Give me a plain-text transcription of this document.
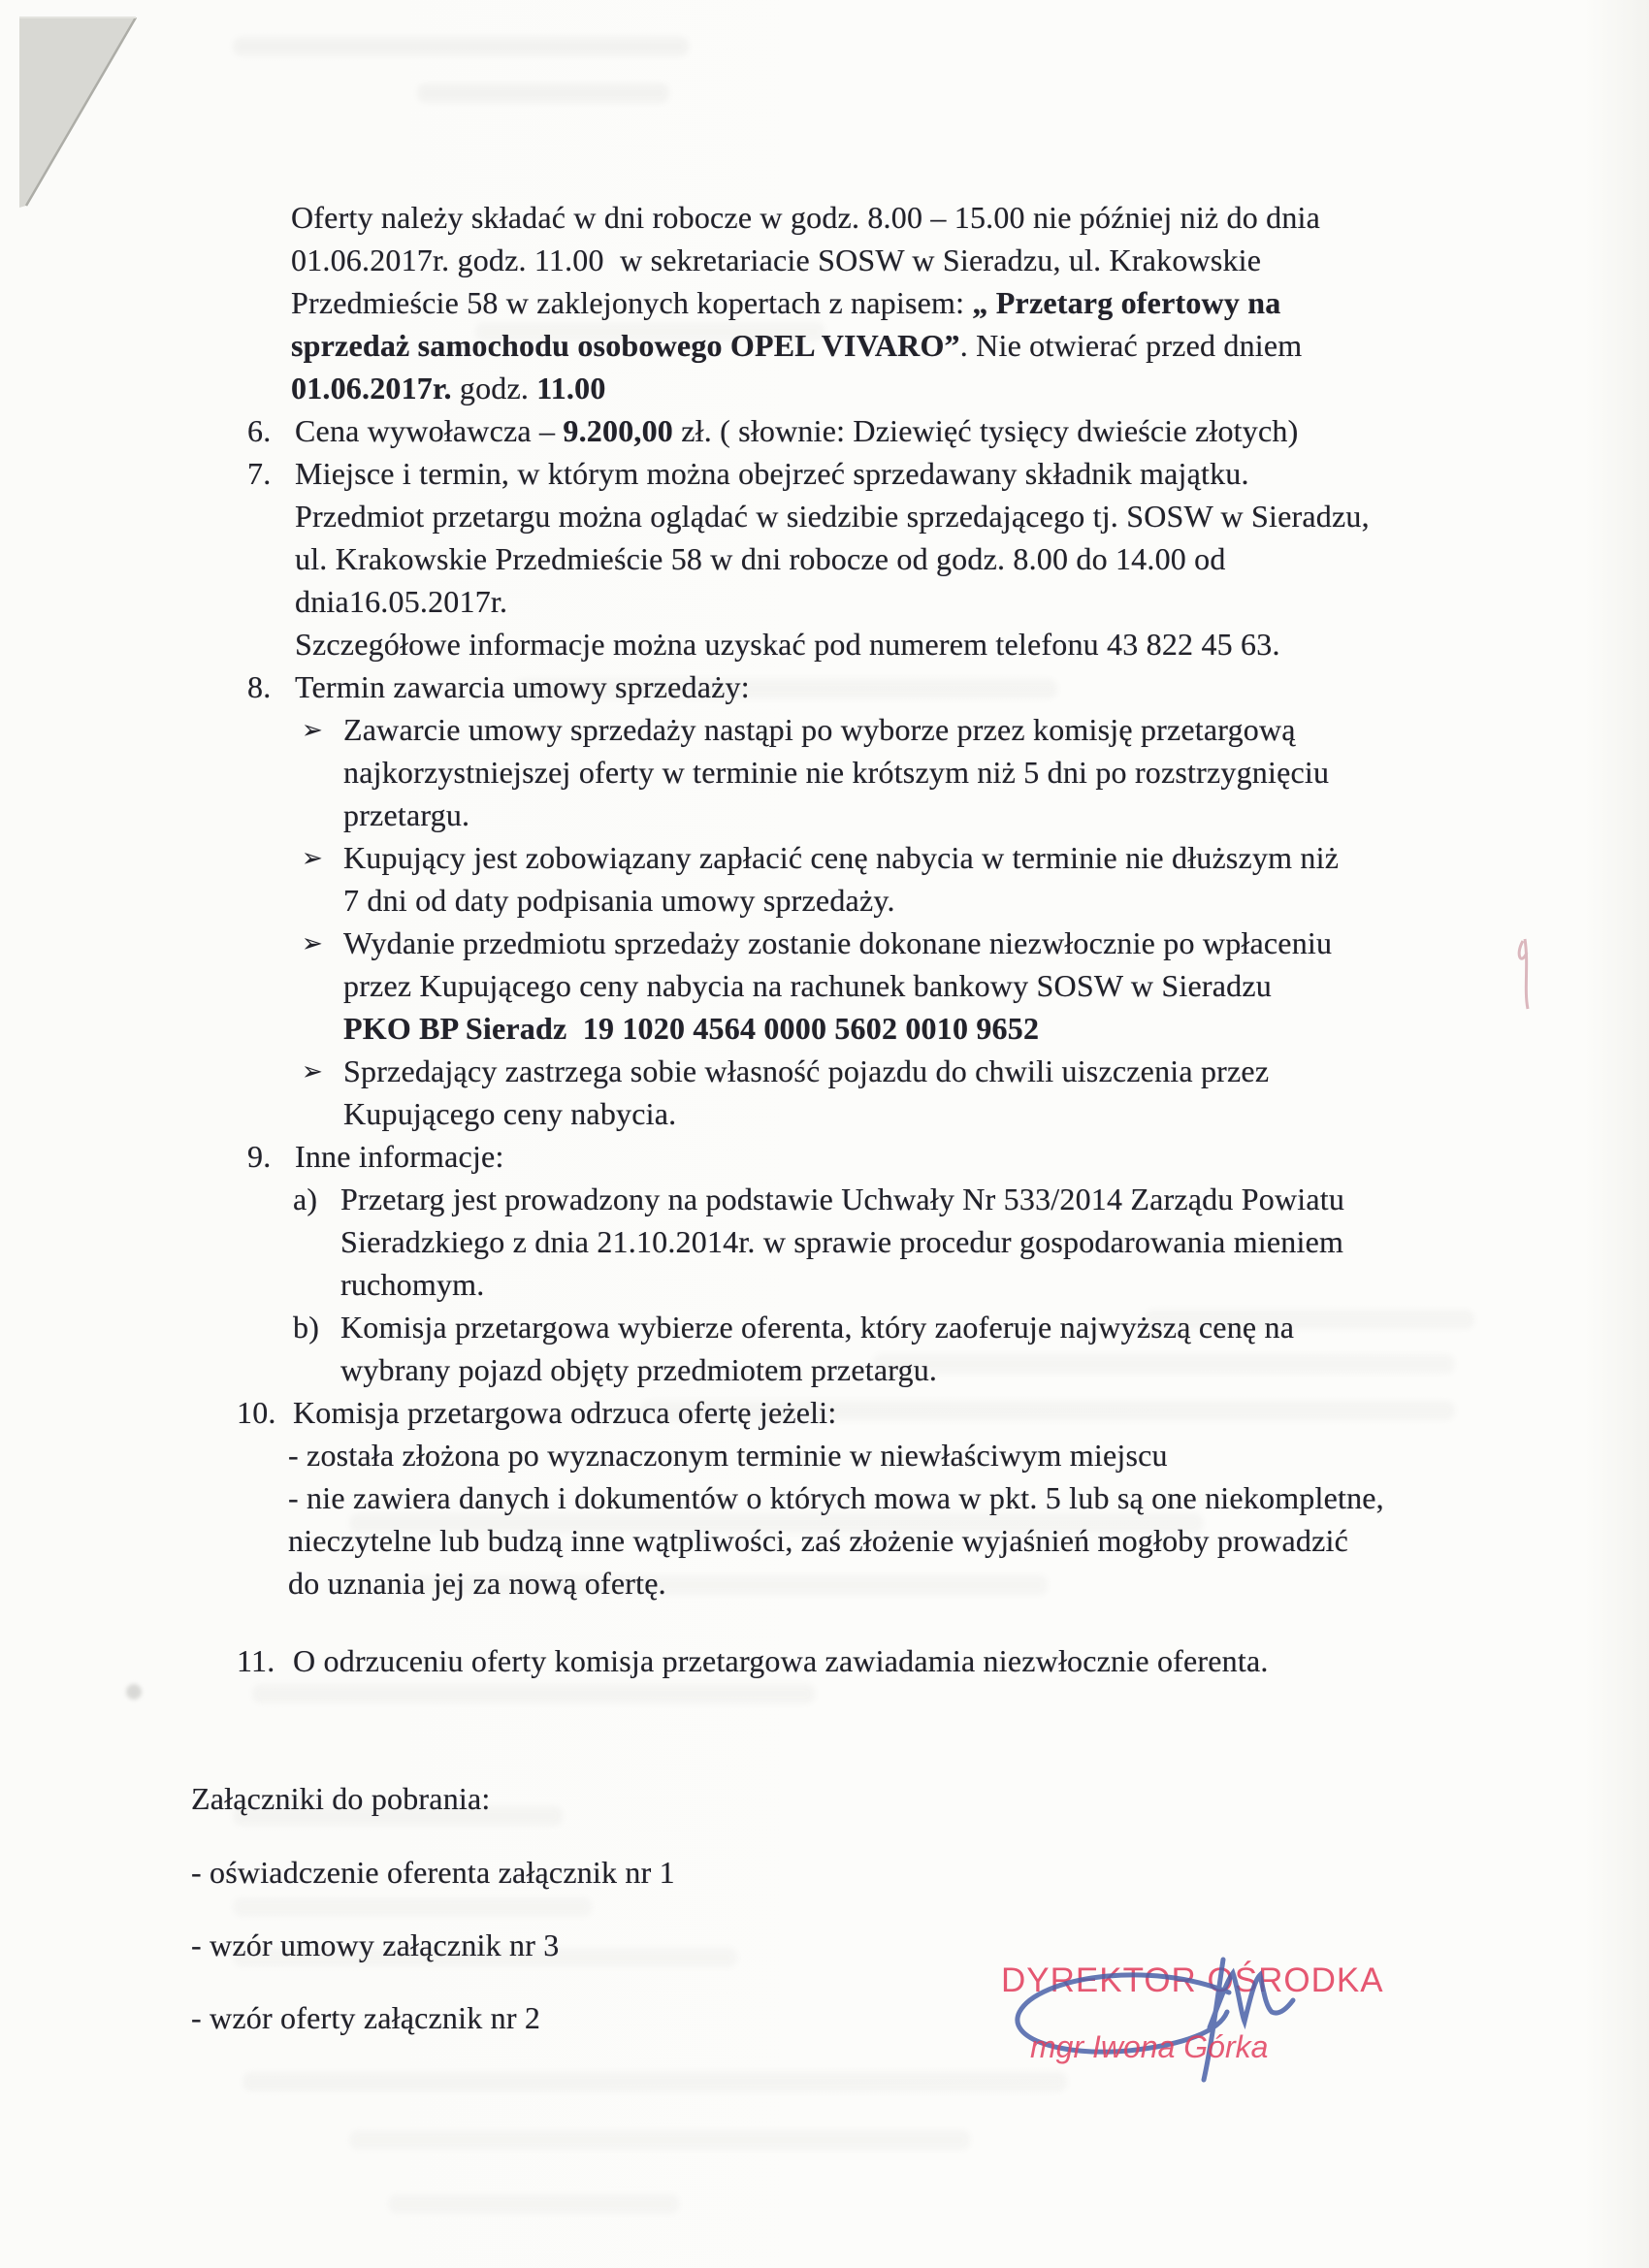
Oferty należy składać w dni robocze w godz. 8.00 – 15.00 nie później niż do dnia
01.06.2017r. godz. 11.00  w sekretariacie SOSW w Sieradzu, ul. Krakowskie
Przedmieście 58 w zaklejonych kopertach z napisem: „ Przetarg ofertowy na
sprzedaż samochodu osobowego OPEL VIVARO”. Nie otwierać przed dniem
01.06.2017r. godz. 11.00
6. Cena wywoławcza – 9.200,00 zł. ( słownie: Dziewięć tysięcy dwieście złotych)
7. Miejsce i termin, w którym można obejrzeć sprzedawany składnik majątku.
Przedmiot przetargu można oglądać w siedzibie sprzedającego tj. SOSW w Sieradzu,
ul. Krakowskie Przedmieście 58 w dni robocze od godz. 8.00 do 14.00 od
dnia16.05.2017r.
Szczegółowe informacje można uzyskać pod numerem telefonu 43 822 45 63.
8. Termin zawarcia umowy sprzedaży:
➢ Zawarcie umowy sprzedaży nastąpi po wyborze przez komisję przetargową
najkorzystniejszej oferty w terminie nie krótszym niż 5 dni po rozstrzygnięciu
przetargu.
➢ Kupujący jest zobowiązany zapłacić cenę nabycia w terminie nie dłuższym niż
7 dni od daty podpisania umowy sprzedaży.
➢ Wydanie przedmiotu sprzedaży zostanie dokonane niezwłocznie po wpłaceniu
przez Kupującego ceny nabycia na rachunek bankowy SOSW w Sieradzu
PKO BP Sieradz  19 1020 4564 0000 5602 0010 9652
➢ Sprzedający zastrzega sobie własność pojazdu do chwili uiszczenia przez
Kupującego ceny nabycia.
9. Inne informacje:
a) Przetarg jest prowadzony na podstawie Uchwały Nr 533/2014 Zarządu Powiatu
Sieradzkiego z dnia 21.10.2014r. w sprawie procedur gospodarowania mieniem
ruchomym.
b) Komisja przetargowa wybierze oferenta, który zaoferuje najwyższą cenę na
wybrany pojazd objęty przedmiotem przetargu.
10. Komisja przetargowa odrzuca ofertę jeżeli:
- została złożona po wyznaczonym terminie w niewłaściwym miejscu
- nie zawiera danych i dokumentów o których mowa w pkt. 5 lub są one niekompletne,
nieczytelne lub budzą inne wątpliwości, zaś złożenie wyjaśnień mogłoby prowadzić
do uznania jej za nową ofertę.
11. O odrzuceniu oferty komisja przetargowa zawiadamia niezwłocznie oferenta.
Załączniki do pobrania:
- oświadczenie oferenta załącznik nr 1
- wzór umowy załącznik nr 3
- wzór oferty załącznik nr 2
DYREKTOR OŚRODKA
mgr Iwona Górka
